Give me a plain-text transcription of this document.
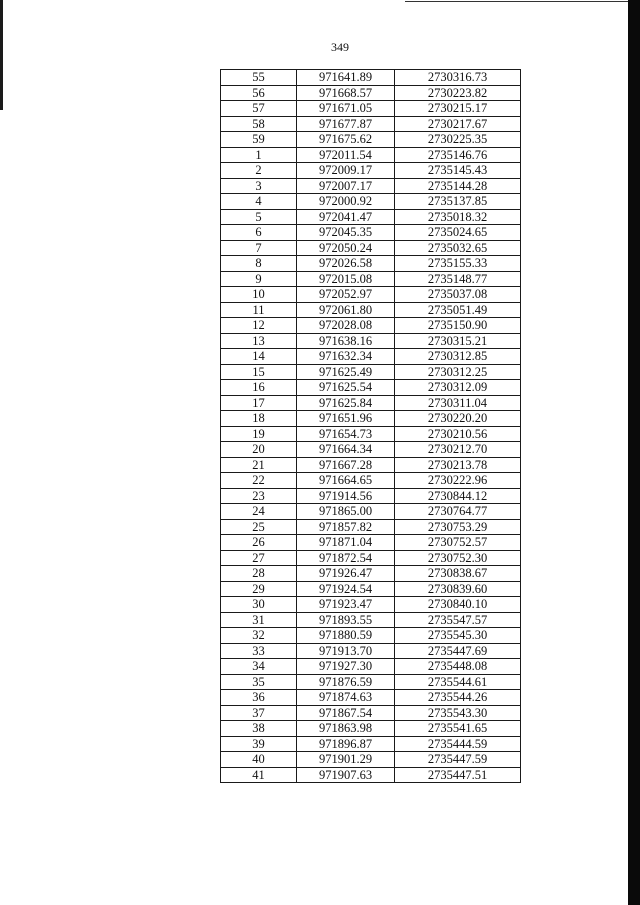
349
55	971641.89	2730316.73
56	971668.57	2730223.82
57	971671.05	2730215.17
58	971677.87	2730217.67
59	971675.62	2730225.35
1	972011.54	2735146.76
2	972009.17	2735145.43
3	972007.17	2735144.28
4	972000.92	2735137.85
5	972041.47	2735018.32
6	972045.35	2735024.65
7	972050.24	2735032.65
8	972026.58	2735155.33
9	972015.08	2735148.77
10	972052.97	2735037.08
11	972061.80	2735051.49
12	972028.08	2735150.90
13	971638.16	2730315.21
14	971632.34	2730312.85
15	971625.49	2730312.25
16	971625.54	2730312.09
17	971625.84	2730311.04
18	971651.96	2730220.20
19	971654.73	2730210.56
20	971664.34	2730212.70
21	971667.28	2730213.78
22	971664.65	2730222.96
23	971914.56	2730844.12
24	971865.00	2730764.77
25	971857.82	2730753.29
26	971871.04	2730752.57
27	971872.54	2730752.30
28	971926.47	2730838.67
29	971924.54	2730839.60
30	971923.47	2730840.10
31	971893.55	2735547.57
32	971880.59	2735545.30
33	971913.70	2735447.69
34	971927.30	2735448.08
35	971876.59	2735544.61
36	971874.63	2735544.26
37	971867.54	2735543.30
38	971863.98	2735541.65
39	971896.87	2735444.59
40	971901.29	2735447.59
41	971907.63	2735447.51
